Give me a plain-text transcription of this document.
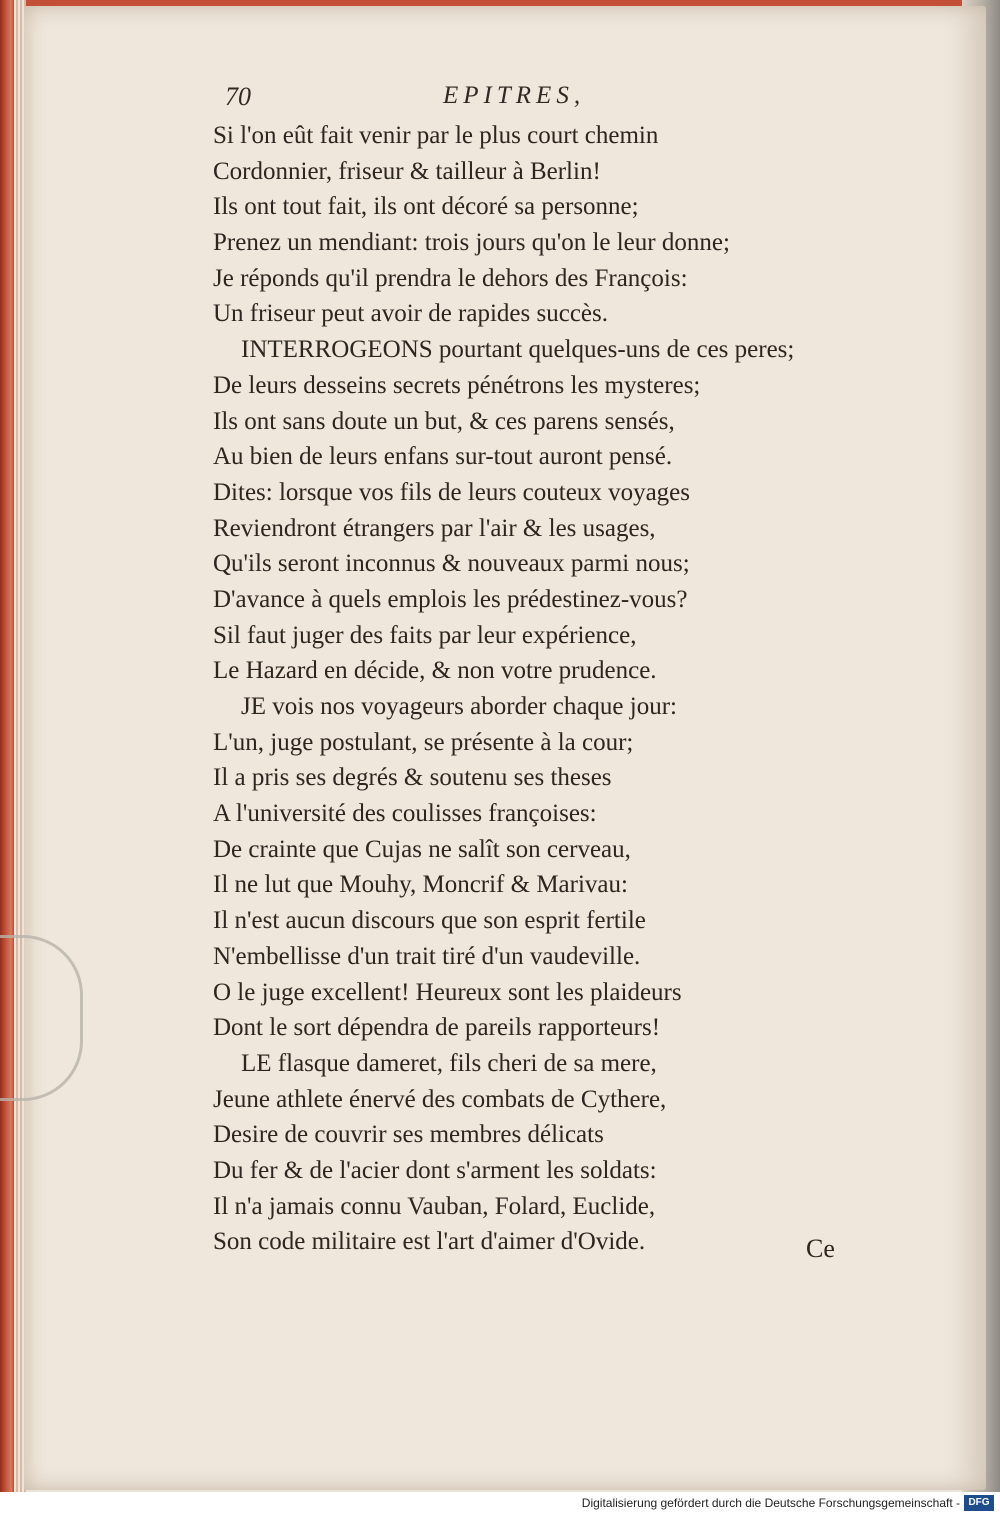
70	EPITRES,
Si l'on eût fait venir par le plus court chemin
Cordonnier, friseur & tailleur à Berlin!
Ils ont tout fait, ils ont décoré sa personne;
Prenez un mendiant: trois jours qu'on le leur donne;
Je réponds qu'il prendra le dehors des François:
Un friseur peut avoir de rapides succès.
INTERROGEONS pourtant quelques-uns de ces peres;
De leurs desseins secrets pénétrons les mysteres;
Ils ont sans doute un but, & ces parens sensés,
Au bien de leurs enfans sur-tout auront pensé.
Dites: lorsque vos fils de leurs couteux voyages
Reviendront étrangers par l'air & les usages,
Qu'ils seront inconnus & nouveaux parmi nous;
D'avance à quels emplois les prédestinez-vous?
Sil faut juger des faits par leur expérience,
Le Hazard en décide, & non votre prudence.
JE vois nos voyageurs aborder chaque jour:
L'un, juge postulant, se présente à la cour;
Il a pris ses degrés & soutenu ses theses
A l'université des coulisses françoises:
De crainte que Cujas ne salît son cerveau,
Il ne lut que Mouhy, Moncrif & Marivau:
Il n'est aucun discours que son esprit fertile
N'embellisse d'un trait tiré d'un vaudeville.
O le juge excellent! Heureux sont les plaideurs
Dont le sort dépendra de pareils rapporteurs!
LE flasque dameret, fils cheri de sa mere,
Jeune athlete énervé des combats de Cythere,
Desire de couvrir ses membres délicats
Du fer & de l'acier dont s'arment les soldats:
Il n'a jamais connu Vauban, Folard, Euclide,
Son code militaire est l'art d'aimer d'Ovide.	Ce
Digitalisierung gefördert durch die Deutsche Forschungsgemeinschaft - DFG
